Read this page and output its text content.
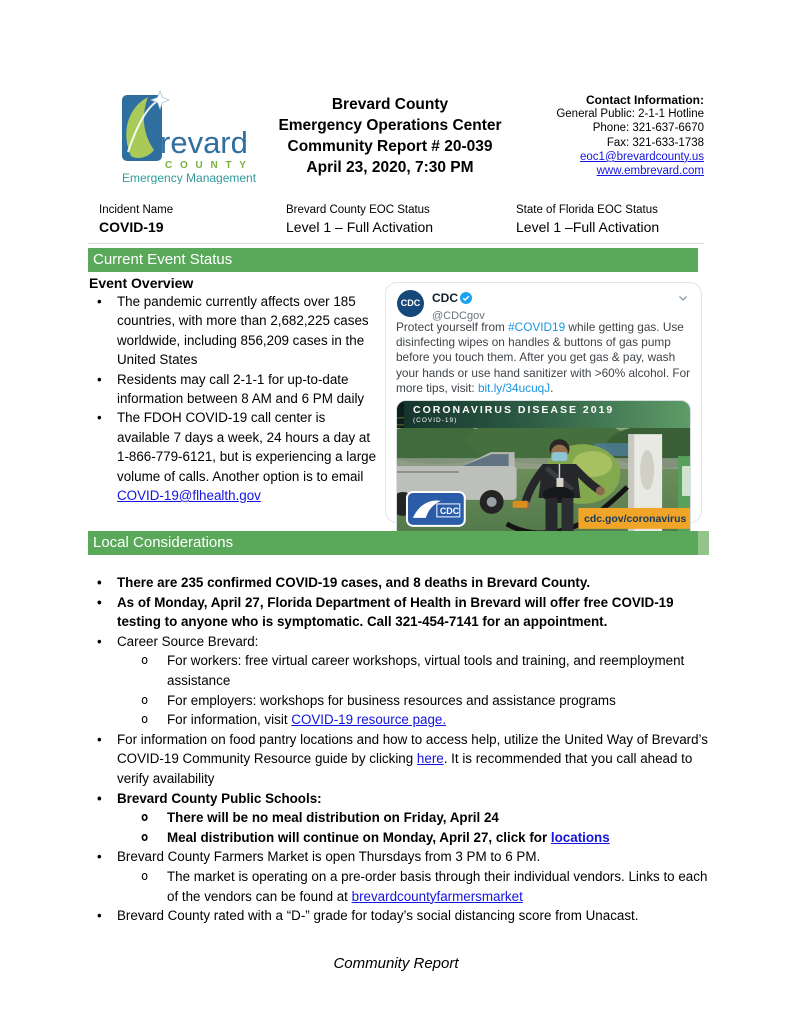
revard
C O U N T Y
Emergency Management
Brevard County
Emergency Operations Center
Community Report # 20-039
April 23, 2020, 7:30 PM
Contact Information:
General Public: 2-1-1 Hotline
Phone: 321-637-6670
Fax: 321-633-1738
eoc1@brevardcounty.us
www.embrevard.com
Incident Name
COVID-19
Brevard County EOC Status
Level 1 – Full Activation
State of Florida EOC Status
Level 1 –Full Activation
Current Event Status
Event Overview
• The pandemic currently affects over 185 countries, with more than 2,682,225 cases worldwide, including 856,209 cases in the United States
• Residents may call 2-1-1 for up-to-date information between 8 AM and 6 PM daily
• The FDOH COVID-19 call center is available 7 days a week, 24 hours a day at 1-866-779-6121, but is experiencing a large volume of calls. Another option is to email COVID-19@flhealth.gov
CDC CDC
@CDCgov
Protect yourself from #COVID19 while getting gas. Use disinfecting wipes on handles & buttons of gas pump before you touch them. After you get gas & pay, wash your hands or use hand sanitizer with >60% alcohol. For more tips, visit: bit.ly/34ucuqJ.
CORONAVIRUS DISEASE 2019
(COVID-19)
CDC
cdc.gov/coronavirus
Local Considerations
• There are 235 confirmed COVID-19 cases, and 8 deaths in Brevard County.
• As of Monday, April 27, Florida Department of Health in Brevard will offer free COVID-19 testing to anyone who is symptomatic. Call 321-454-7141 for an appointment.
• Career Source Brevard:
o For workers: free virtual career workshops, virtual tools and training, and reemployment assistance
o For employers: workshops for business resources and assistance programs
o For information, visit COVID-19 resource page.
• For information on food pantry locations and how to access help, utilize the United Way of Brevard’s COVID-19 Community Resource guide by clicking here. It is recommended that you call ahead to verify availability
• Brevard County Public Schools:
o There will be no meal distribution on Friday, April 24
o Meal distribution will continue on Monday, April 27, click for locations
• Brevard County Farmers Market is open Thursdays from 3 PM to 6 PM.
o The market is operating on a pre-order basis through their individual vendors. Links to each of the vendors can be found at brevardcountyfarmersmarket
• Brevard County rated with a “D-” grade for today’s social distancing score from Unacast.
Community Report
